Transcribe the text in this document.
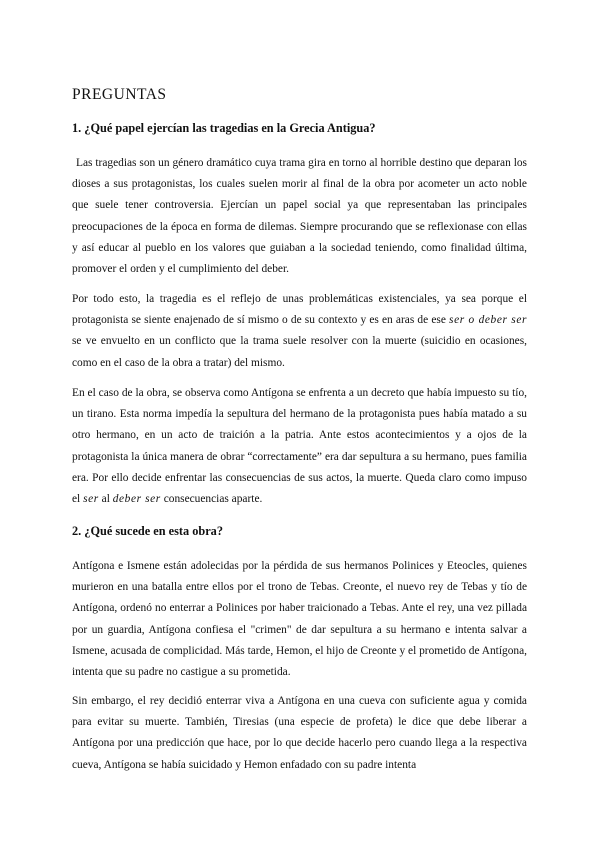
PREGUNTAS
1. ¿Qué papel ejercían las tragedias en la Grecia Antigua?

Las tragedias son un género dramático cuya trama gira en torno al horrible destino que deparan los dioses a sus protagonistas, los cuales suelen morir al final de la obra por acometer un acto noble que suele tener controversia. Ejercían un papel social ya que representaban las principales preocupaciones de la época en forma de dilemas. Siempre procurando que se reflexionase con ellas y así educar al pueblo en los valores que guiaban a la sociedad teniendo, como finalidad última, promover el orden y el cumplimiento del deber.

Por todo esto, la tragedia es el reflejo de unas problemáticas existenciales, ya sea porque el protagonista se siente enajenado de sí mismo o de su contexto y es en aras de ese ser o deber ser se ve envuelto en un conflicto que la trama suele resolver con la muerte (suicidio en ocasiones, como en el caso de la obra a tratar) del mismo.

En el caso de la obra, se observa como Antígona se enfrenta a un decreto que había impuesto su tío, un tirano. Esta norma impedía la sepultura del hermano de la protagonista pues había matado a su otro hermano, en un acto de traición a la patria. Ante estos acontecimientos y a ojos de la protagonista la única manera de obrar “correctamente” era dar sepultura a su hermano, pues familia era. Por ello decide enfrentar las consecuencias de sus actos, la muerte. Queda claro como impuso el ser al deber ser consecuencias aparte.

2. ¿Qué sucede en esta obra?

Antígona e Ismene están adolecidas por la pérdida de sus hermanos Polinices y Eteocles, quienes murieron en una batalla entre ellos por el trono de Tebas. Creonte, el nuevo rey de Tebas y tío de Antígona, ordenó no enterrar a Polinices por haber traicionado a Tebas. Ante el rey, una vez pillada por un guardia, Antígona confiesa el "crimen" de dar sepultura a su hermano e intenta salvar a Ismene, acusada de complicidad. Más tarde, Hemon, el hijo de Creonte y el prometido de Antígona, intenta que su padre no castigue a su prometida.

Sin embargo, el rey decidió enterrar viva a Antígona en una cueva con suficiente agua y comida para evitar su muerte. También, Tiresias (una especie de profeta) le dice que debe liberar a Antígona por una predicción que hace, por lo que decide hacerlo pero cuando llega a la respectiva cueva, Antígona se había suicidado y Hemon enfadado con su padre intenta
